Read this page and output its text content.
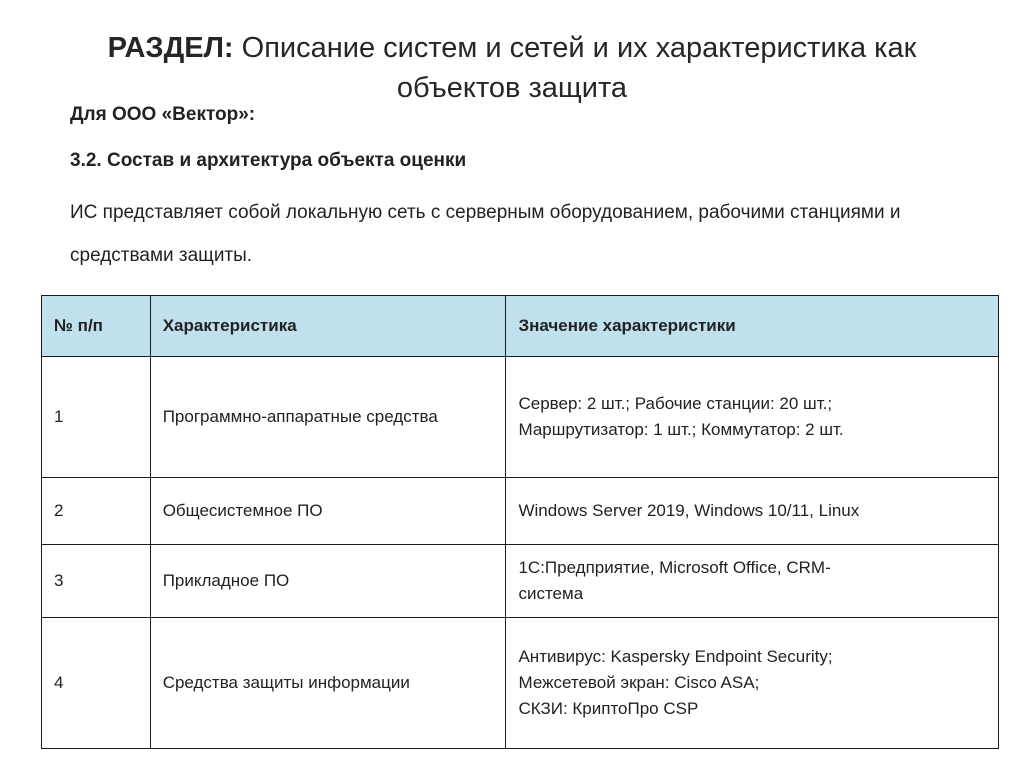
РАЗДЕЛ: Описание систем и сетей и их характеристика как объектов защита
Для ООО «Вектор»:
3.2. Состав и архитектура объекта оценки
ИС представляет собой локальную сеть с серверным оборудованием, рабочими станциями и средствами защиты.
№ п/п	Характеристика	Значение характеристики
1	Программно-аппаратные средства	Сервер: 2 шт.; Рабочие станции: 20 шт.;
Маршрутизатор: 1 шт.; Коммутатор: 2 шт.

2	Общесистемное ПО	Windows Server 2019, Windows 10/11, Linux

3	Прикладное ПО	1С:Предприятие, Microsoft Office, CRM-
система

4	Средства защиты информации	Антивирус: Kaspersky Endpoint Security;
Межсетевой экран: Cisco ASA;
СКЗИ: КриптоПро CSP
